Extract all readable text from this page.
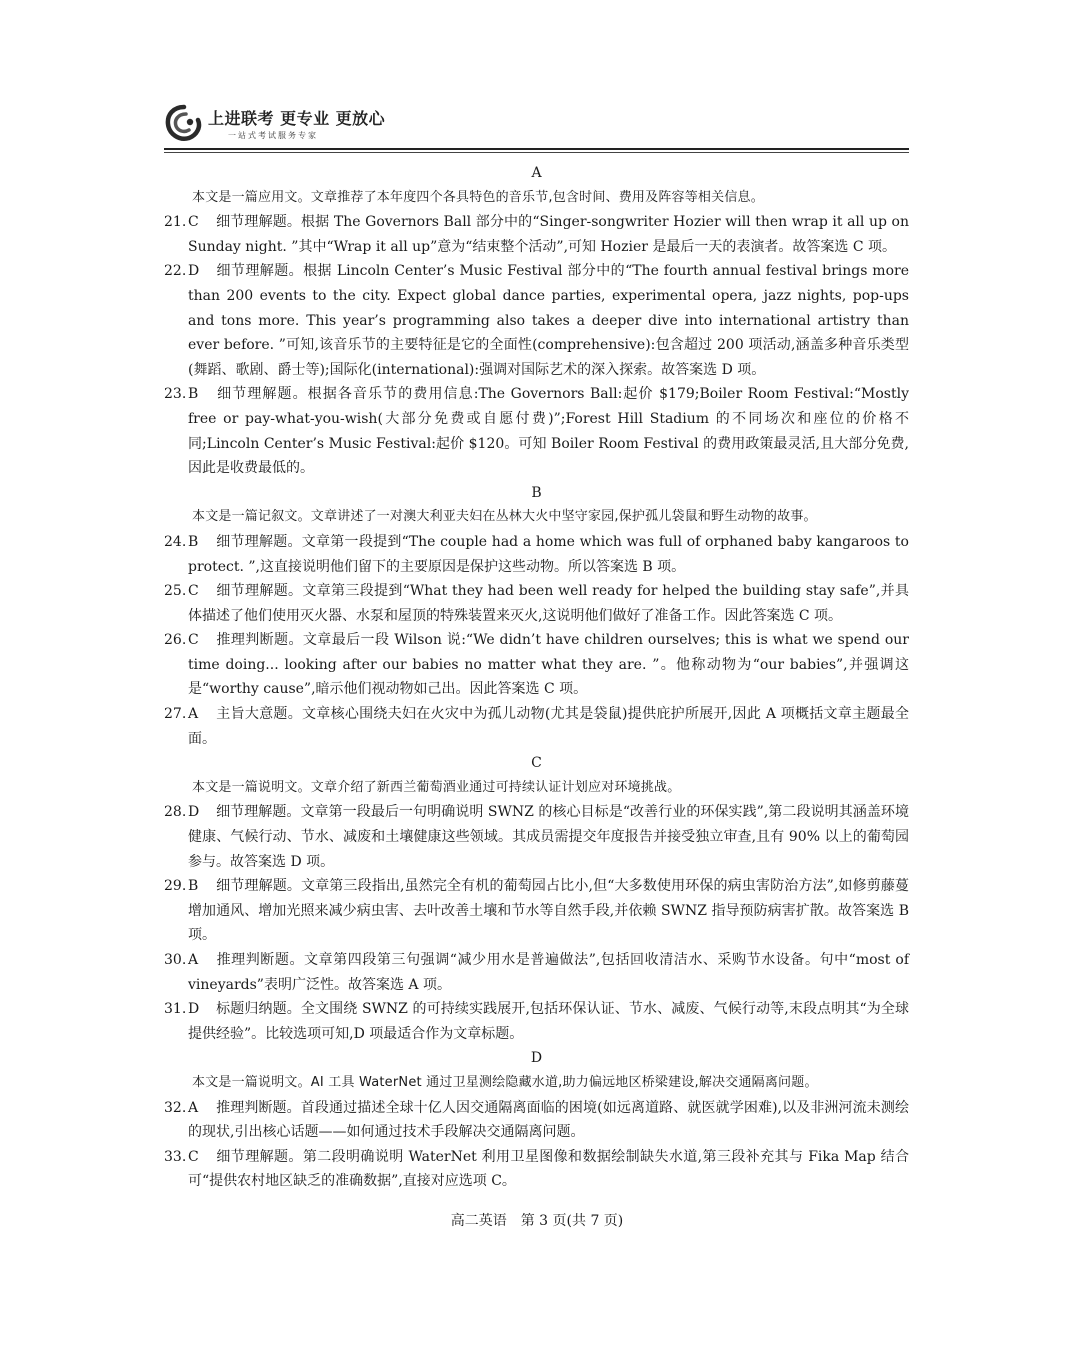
上进联考 更专业 更放心
一站式考试服务专家
A
本文是一篇应用文。文章推荐了本年度四个各具特色的音乐节,包含时间、费用及阵容等相关信息。
21. C 细节理解题。根据 The Governors Ball 部分中的“Singer-songwriter Hozier will then wrap it all up on Sunday night. ”其中“Wrap it all up”意为“结束整个活动”,可知 Hozier 是最后一天的表演者。故答案选 C 项。
22. D 细节理解题。根据 Lincoln Center’s Music Festival 部分中的“The fourth annual festival brings more than 200 events to the city. Expect global dance parties, experimental opera, jazz nights, pop-ups and tons more. This year’s programming also takes a deeper dive into international artistry than ever before. ”可知,该音乐节的主要特征是它的全面性(comprehensive):包含超过 200 项活动,涵盖多种音乐类型(舞蹈、歌剧、爵士等);国际化(international):强调对国际艺术的深入探索。故答案选 D 项。
23. B 细节理解题。根据各音乐节的费用信息:The Governors Ball:起价 $179;Boiler Room Festival:“Mostly free or pay-what-you-wish(大部分免费或自愿付费)”;Forest Hill Stadium 的不同场次和座位的价格不同;Lincoln Center’s Music Festival:起价 $120。可知 Boiler Room Festival 的费用政策最灵活,且大部分免费,因此是收费最低的。
B
本文是一篇记叙文。文章讲述了一对澳大利亚夫妇在丛林大火中坚守家园,保护孤儿袋鼠和野生动物的故事。
24. B 细节理解题。文章第一段提到“The couple had a home which was full of orphaned baby kangaroos to protect. ”,这直接说明他们留下的主要原因是保护这些动物。所以答案选 B 项。
25. C 细节理解题。文章第三段提到“What they had been well ready for helped the building stay safe”,并具体描述了他们使用灭火器、水泵和屋顶的特殊装置来灭火,这说明他们做好了准备工作。因此答案选 C 项。
26. C 推理判断题。文章最后一段 Wilson 说:“We didn’t have children ourselves; this is what we spend our time doing... looking after our babies no matter what they are. ”。他称动物为“our babies”,并强调这是“worthy cause”,暗示他们视动物如己出。因此答案选 C 项。
27. A 主旨大意题。文章核心围绕夫妇在火灾中为孤儿动物(尤其是袋鼠)提供庇护所展开,因此 A 项概括文章主题最全面。
C
本文是一篇说明文。文章介绍了新西兰葡萄酒业通过可持续认证计划应对环境挑战。
28. D 细节理解题。文章第一段最后一句明确说明 SWNZ 的核心目标是“改善行业的环保实践”,第二段说明其涵盖环境健康、气候行动、节水、减废和土壤健康这些领域。其成员需提交年度报告并接受独立审查,且有 90% 以上的葡萄园参与。故答案选 D 项。
29. B 细节理解题。文章第三段指出,虽然完全有机的葡萄园占比小,但“大多数使用环保的病虫害防治方法”,如修剪藤蔓增加通风、增加光照来减少病虫害、去叶改善土壤和节水等自然手段,并依赖 SWNZ 指导预防病害扩散。故答案选 B 项。
30. A 推理判断题。文章第四段第三句强调“减少用水是普遍做法”,包括回收清洁水、采购节水设备。句中“most of vineyards”表明广泛性。故答案选 A 项。
31. D 标题归纳题。全文围绕 SWNZ 的可持续实践展开,包括环保认证、节水、减废、气候行动等,末段点明其“为全球提供经验”。比较选项可知,D 项最适合作为文章标题。
D
本文是一篇说明文。AI 工具 WaterNet 通过卫星测绘隐藏水道,助力偏远地区桥梁建设,解决交通隔离问题。
32. A 推理判断题。首段通过描述全球十亿人因交通隔离面临的困境(如远离道路、就医就学困难),以及非洲河流未测绘的现状,引出核心话题——如何通过技术手段解决交通隔离问题。
33. C 细节理解题。第二段明确说明 WaterNet 利用卫星图像和数据绘制缺失水道,第三段补充其与 Fika Map 结合可“提供农村地区缺乏的准确数据”,直接对应选项 C。
高二英语　第 3 页(共 7 页)
